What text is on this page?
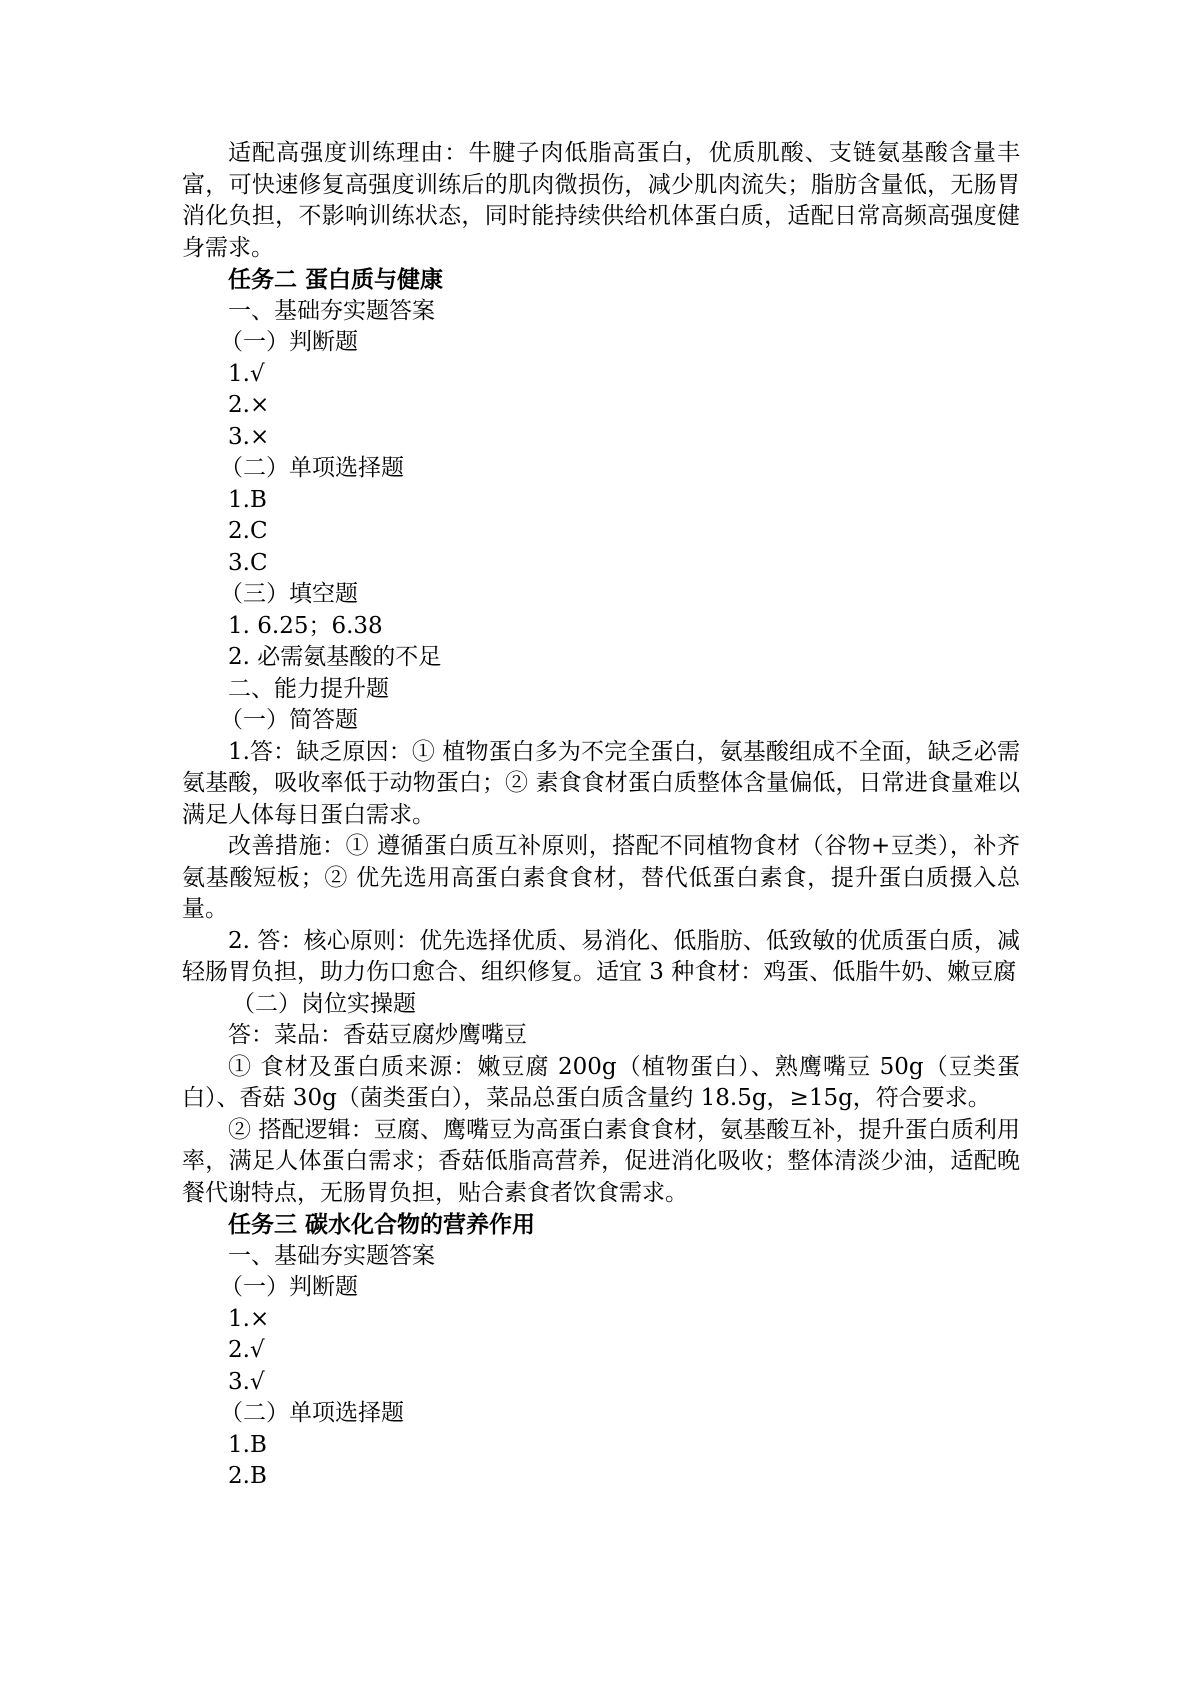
适配高强度训练理由：牛腱子肉低脂高蛋白，优质肌酸、支链氨基酸含量丰富，可快速修复高强度训练后的肌肉微损伤，减少肌肉流失；脂肪含量低，无肠胃消化负担，不影响训练状态，同时能持续供给机体蛋白质，适配日常高频高强度健身需求。

任务二 蛋白质与健康

一、基础夯实题答案

（一）判断题

1.√

2.×

3.×

（二）单项选择题

1.B

2.C

3.C

（三）填空题

1. 6.25；6.38

2. 必需氨基酸的不足

二、能力提升题

（一）简答题

1.答：缺乏原因：① 植物蛋白多为不完全蛋白，氨基酸组成不全面，缺乏必需氨基酸，吸收率低于动物蛋白；② 素食食材蛋白质整体含量偏低，日常进食量难以满足人体每日蛋白需求。

改善措施：① 遵循蛋白质互补原则，搭配不同植物食材（谷物+豆类），补齐氨基酸短板；② 优先选用高蛋白素食食材，替代低蛋白素食，提升蛋白质摄入总量。

2. 答：核心原则：优先选择优质、易消化、低脂肪、低致敏的优质蛋白质，减轻肠胃负担，助力伤口愈合、组织修复。适宜 3 种食材：鸡蛋、低脂牛奶、嫩豆腐

（二）岗位实操题

答：菜品：香菇豆腐炒鹰嘴豆

① 食材及蛋白质来源：嫩豆腐 200g（植物蛋白）、熟鹰嘴豆 50g（豆类蛋白）、香菇 30g（菌类蛋白），菜品总蛋白质含量约 18.5g，≥15g，符合要求。

② 搭配逻辑：豆腐、鹰嘴豆为高蛋白素食食材，氨基酸互补，提升蛋白质利用率，满足人体蛋白需求；香菇低脂高营养，促进消化吸收；整体清淡少油，适配晚餐代谢特点，无肠胃负担，贴合素食者饮食需求。

任务三 碳水化合物的营养作用

一、基础夯实题答案

（一）判断题

1.×

2.√

3.√

（二）单项选择题

1.B

2.B
